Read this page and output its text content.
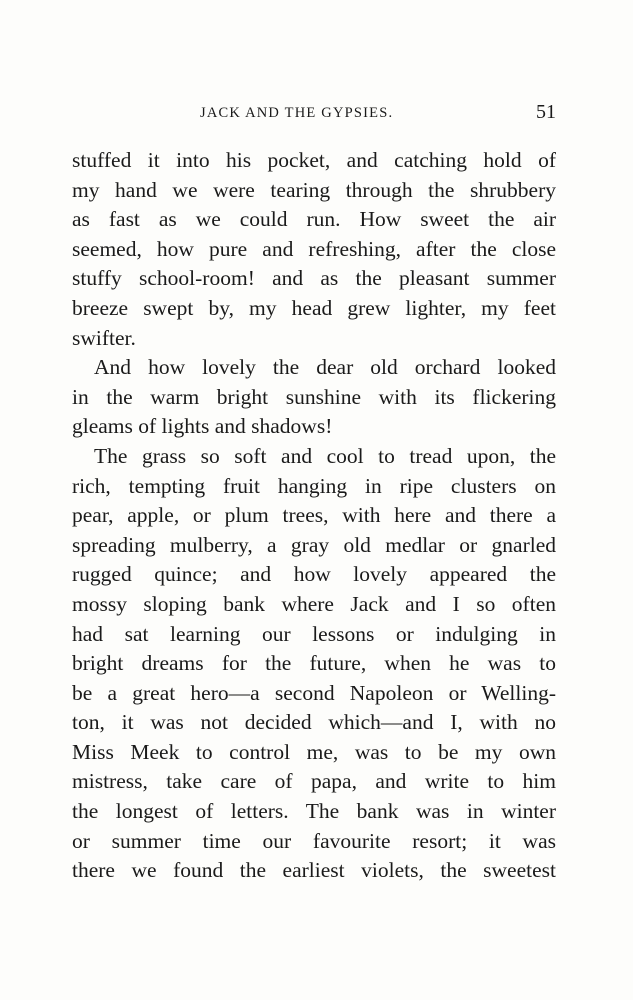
JACK AND THE GYPSIES.	51
stuffed it into his pocket, and catching hold of
my hand we were tearing through the shrubbery
as fast as we could run. How sweet the air
seemed, how pure and refreshing, after the close
stuffy school-room! and as the pleasant summer
breeze swept by, my head grew lighter, my feet
swifter.
And how lovely the dear old orchard looked
in the warm bright sunshine with its flickering
gleams of lights and shadows!
The grass so soft and cool to tread upon, the
rich, tempting fruit hanging in ripe clusters on
pear, apple, or plum trees, with here and there a
spreading mulberry, a gray old medlar or gnarled
rugged quince; and how lovely appeared the
mossy sloping bank where Jack and I so often
had sat learning our lessons or indulging in
bright dreams for the future, when he was to
be a great hero—a second Napoleon or Welling-
ton, it was not decided which—and I, with no
Miss Meek to control me, was to be my own
mistress, take care of papa, and write to him
the longest of letters. The bank was in winter
or summer time our favourite resort; it was
there we found the earliest violets, the sweetest
